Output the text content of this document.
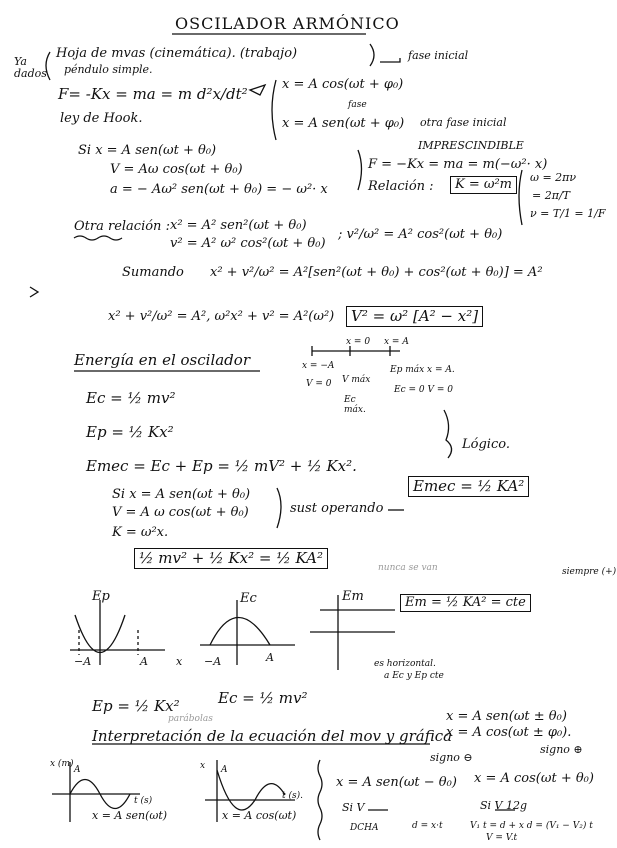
OSCILADOR ARMÓNICO
Ya dados
Hoja de mvas (cinemática). (trabajo)
péndulo simple.
fase inicial
F= -Kx = ma = m d²x/dt²
ley de Hook.
x = A cos(ωt + φ₀)
fase
x = A sen(ωt + φ₀) otra fase inicial
Si x = A sen(ωt + θ₀)
V = Aω cos(ωt + θ₀)
a = − Aω² sen(ωt + θ₀) = − ω²· x
IMPRESCINDIBLE
F = −Kx = ma = m(−ω²· x)
Relación :	K = ω²m	ω = 2πν
= 2π/T
ν = T/1 = 1/F
Otra relación : x² = A² sen²(ωt + θ₀)
v² = A² ω² cos²(ωt + θ₀)
; v²/ω² = A² cos²(ωt + θ₀)
Sumando x² + v²/ω² = A²[sen²(ωt + θ₀) + cos²(ωt + θ₀)] = A²
x² + v²/ω² = A², ω²x² + v² = A²(ω²)	V² = ω² [A² − x²]
Energía en el oscilador	x = −A
x = 0 x = A
V = 0 V máx
Ep máx x = A.
Ec máx.
Ec = 0 V = 0
Lógico.
Ec = ½ mv²
Ep = ½ Kx²
Emec = Ec + Ep = ½ mV² + ½ Kx².
Si x = A sen(ωt + θ₀)
V = A ω cos(ωt + θ₀)
K = ω²x.
sust operando
Emec = ½ KA²
½ mv² + ½ Kx² = ½ KA²
nunca se van	siempre (+)
Ep	Ec	Em	Em = ½ KA² = cte
−A	A	x −A	A	es horizontal.
a Ec y Ep cte
Ep = ½ Kx²	Ec = ½ mv²
parábolas	x = A sen(ωt ± θ₀)
x = A cos(ωt ± φ₀).
Interpretación de la ecuación del mov y gráfica
signo ⊖
signo ⊕
x (m)
A
t (s)
x = A sen(ωt)
x A
t (s).
x = A cos(ωt)
x = A sen(ωt − θ₀) x = A cos(ωt + θ₀)
Si V
DCHA	d = x·t
Si V 12g
V₁ t = d + x d = (V₁ − V₂) t
V = V.t
